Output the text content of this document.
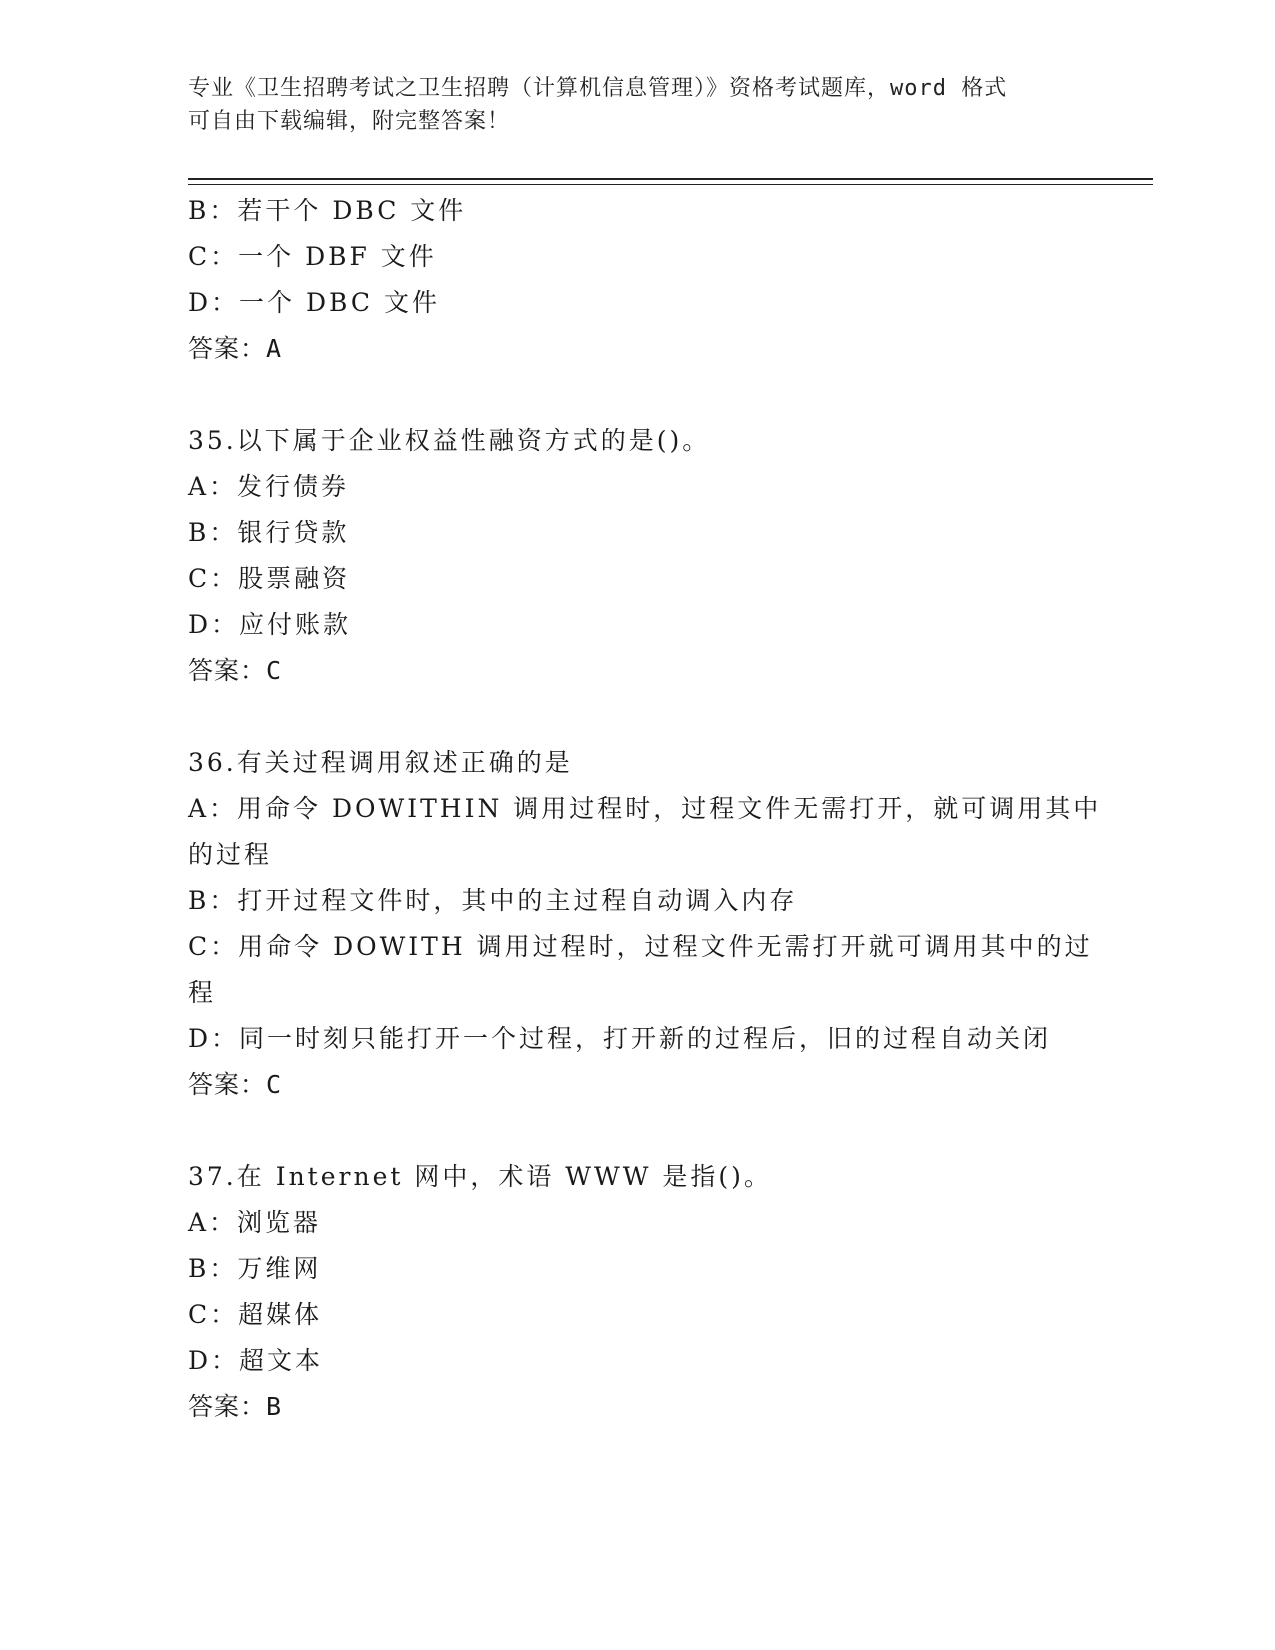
专业《卫生招聘考试之卫生招聘（计算机信息管理）》资格考试题库，word 格式
可自由下载编辑，附完整答案！
B：若干个 DBC 文件
C：一个 DBF 文件
D：一个 DBC 文件
答案：A
35.以下属于企业权益性融资方式的是()。
A：发行债券
B：银行贷款
C：股票融资
D：应付账款
答案：C
36.有关过程调用叙述正确的是
A：用命令 DOWITHIN 调用过程时，过程文件无需打开，就可调用其中
的过程
B：打开过程文件时，其中的主过程自动调入内存
C：用命令 DOWITH 调用过程时，过程文件无需打开就可调用其中的过
程
D：同一时刻只能打开一个过程，打开新的过程后，旧的过程自动关闭
答案：C
37.在 Internet 网中，术语 WWW 是指()。
A：浏览器
B：万维网
C：超媒体
D：超文本
答案：B
